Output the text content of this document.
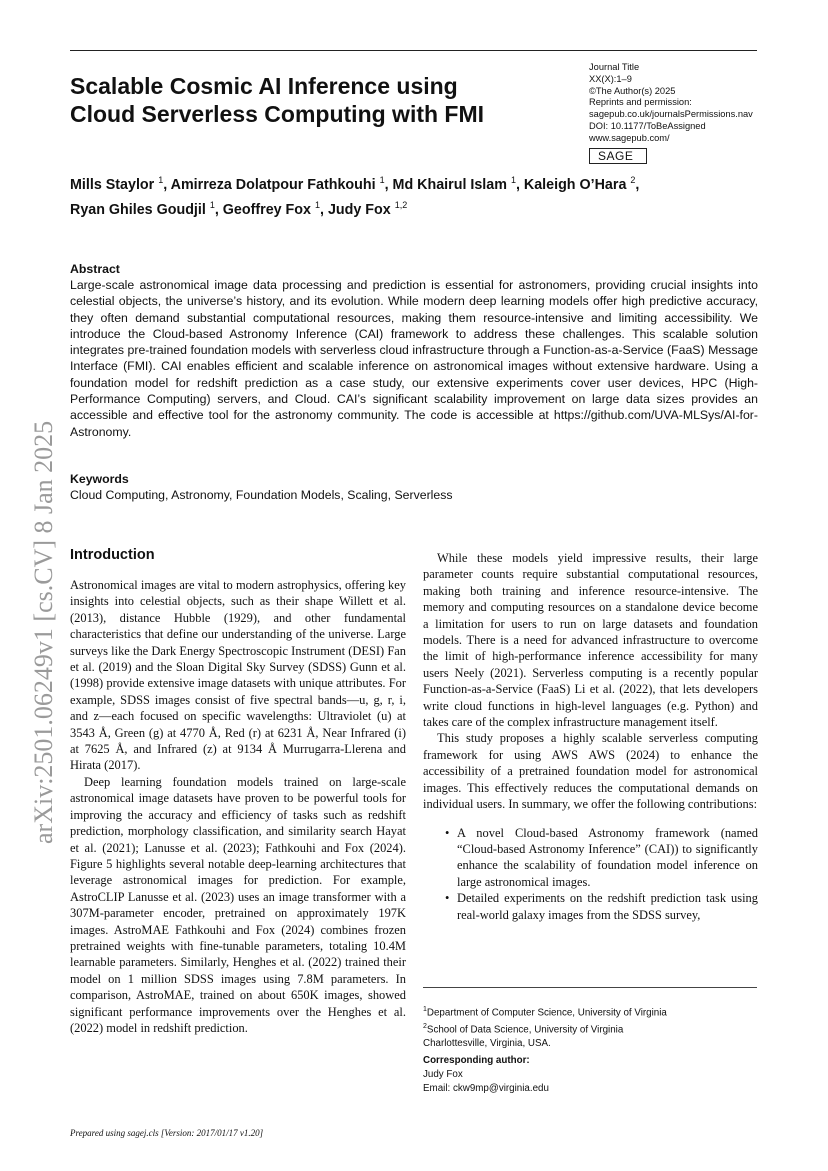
arXiv:2501.06249v1 [cs.CV] 8 Jan 2025
Scalable Cosmic AI Inference using
Cloud Serverless Computing with FMI
Journal Title
XX(X):1–9
©The Author(s) 2025
Reprints and permission:
sagepub.co.uk/journalsPermissions.nav
DOI: 10.1177/ToBeAssigned
www.sagepub.com/
SAGE
Mills Staylor $^1$, Amirreza Dolatpour Fathkouhi $^1$, Md Khairul Islam $^1$, Kaleigh O’Hara $^2$,
Ryan Ghiles Goudjil $^1$, Geoffrey Fox $^1$, Judy Fox $^{1,2}$
Abstract
Large-scale astronomical image data processing and prediction is essential for astronomers, providing crucial insights into celestial objects, the universe’s history, and its evolution. While modern deep learning models offer high predictive accuracy, they often demand substantial computational resources, making them resource-intensive and limiting accessibility. We introduce the Cloud-based Astronomy Inference (CAI) framework to address these challenges. This scalable solution integrates pre-trained foundation models with serverless cloud infrastructure through a Function-as-a-Service (FaaS) Message Interface (FMI). CAI enables efficient and scalable inference on astronomical images without extensive hardware. Using a foundation model for redshift prediction as a case study, our extensive experiments cover user devices, HPC (High-Performance Computing) servers, and Cloud. CAI’s significant scalability improvement on large data sizes provides an accessible and effective tool for the astronomy community. The code is accessible at https://github.com/UVA-MLSys/AI-for-Astronomy.
Keywords
Cloud Computing, Astronomy, Foundation Models, Scaling, Serverless
Introduction

Astronomical images are vital to modern astrophysics, offering key insights into celestial objects, such as their shape Willett et al. (2013), distance Hubble (1929), and other fundamental characteristics that define our understanding of the universe. Large surveys like the Dark Energy Spectroscopic Instrument (DESI) Fan et al. (2019) and the Sloan Digital Sky Survey (SDSS) Gunn et al. (1998) provide extensive image datasets with unique attributes. For example, SDSS images consist of five spectral bands—u, g, r, i, and z—each focused on specific wavelengths: Ultraviolet (u) at 3543 Å, Green (g) at 4770 Å, Red (r) at 6231 Å, Near Infrared (i) at 7625 Å, and Infrared (z) at 9134 Å Murrugarra-Llerena and Hirata (2017).

Deep learning foundation models trained on large-scale astronomical image datasets have proven to be powerful tools for improving the accuracy and efficiency of tasks such as redshift prediction, morphology classification, and similarity search Hayat et al. (2021); Lanusse et al. (2023); Fathkouhi and Fox (2024). Figure 5 highlights several notable deep-learning architectures that leverage astronomical images for prediction. For example, AstroCLIP Lanusse et al. (2023) uses an image transformer with a 307M-parameter encoder, pretrained on approximately 197K images. AstroMAE Fathkouhi and Fox (2024) combines frozen pretrained weights with fine-tunable parameters, totaling 10.4M learnable parameters. Similarly, Henghes et al. (2022) trained their model on 1 million SDSS images using 7.8M parameters. In comparison, AstroMAE, trained on about 650K images, showed significant performance improvements over the Henghes et al. (2022) model in redshift prediction.

While these models yield impressive results, their large parameter counts require substantial computational resources, making both training and inference resource-intensive. The memory and computing resources on a standalone device become a limitation for users to run on large datasets and foundation models. There is a need for advanced infrastructure to overcome the limit of high-performance inference accessibility for many users Neely (2021). Serverless computing is a recently popular Function-as-a-Service (FaaS) Li et al. (2022), that lets developers write cloud functions in high-level languages (e.g. Python) and takes care of the complex infrastructure management itself.

This study proposes a highly scalable serverless computing framework for using AWS AWS (2024) to enhance the accessibility of a pretrained foundation model for astronomical images. This effectively reduces the computational demands on individual users. In summary, we offer the following contributions:

• A novel Cloud-based Astronomy framework (named “Cloud-based Astronomy Inference” (CAI)) to significantly enhance the scalability of foundation model inference on large astronomical images.
• Detailed experiments on the redshift prediction task using real-world galaxy images from the SDSS survey,
$^1$Department of Computer Science, University of Virginia
$^2$School of Data Science, University of Virginia
Charlottesville, Virginia, USA.
Corresponding author:
Judy Fox
Email: ckw9mp@virginia.edu
Prepared using sagej.cls [Version: 2017/01/17 v1.20]
